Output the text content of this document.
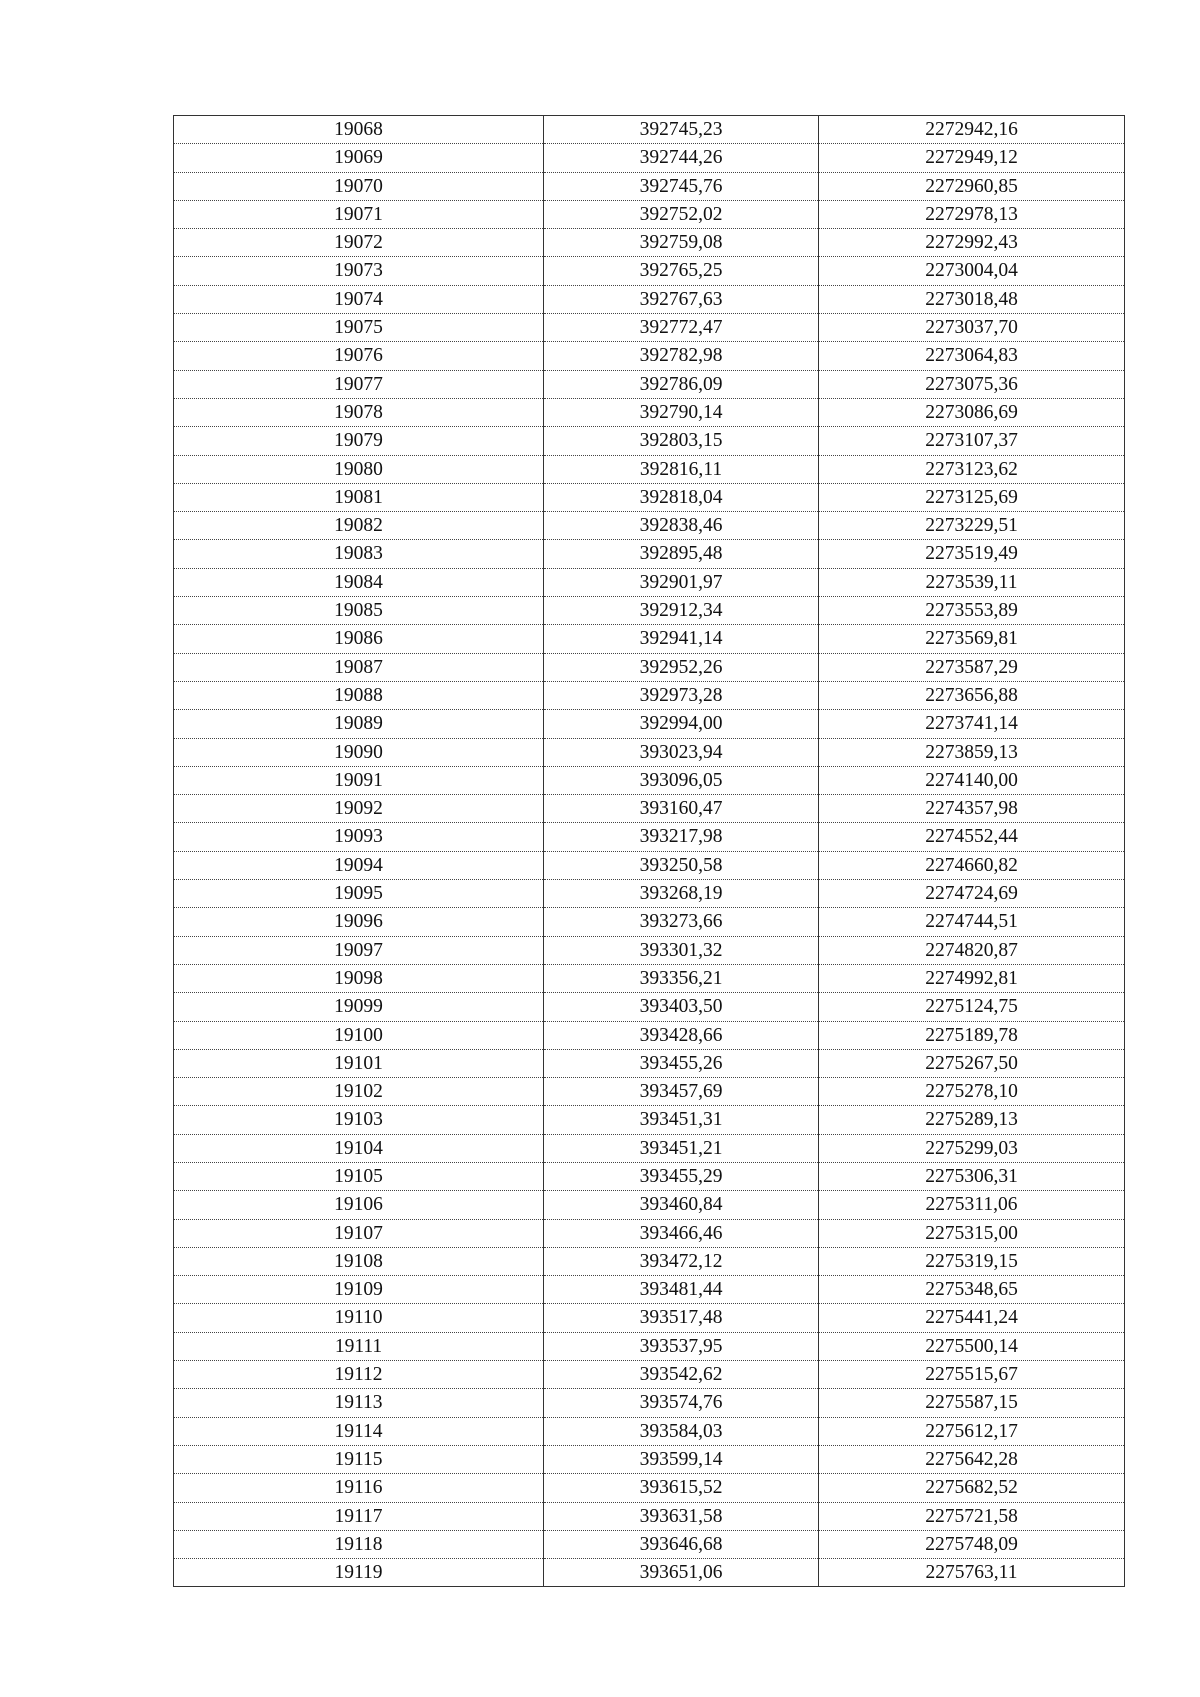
19068	392745,23	2272942,16
19069	392744,26	2272949,12
19070	392745,76	2272960,85
19071	392752,02	2272978,13
19072	392759,08	2272992,43
19073	392765,25	2273004,04
19074	392767,63	2273018,48
19075	392772,47	2273037,70
19076	392782,98	2273064,83
19077	392786,09	2273075,36
19078	392790,14	2273086,69
19079	392803,15	2273107,37
19080	392816,11	2273123,62
19081	392818,04	2273125,69
19082	392838,46	2273229,51
19083	392895,48	2273519,49
19084	392901,97	2273539,11
19085	392912,34	2273553,89
19086	392941,14	2273569,81
19087	392952,26	2273587,29
19088	392973,28	2273656,88
19089	392994,00	2273741,14
19090	393023,94	2273859,13
19091	393096,05	2274140,00
19092	393160,47	2274357,98
19093	393217,98	2274552,44
19094	393250,58	2274660,82
19095	393268,19	2274724,69
19096	393273,66	2274744,51
19097	393301,32	2274820,87
19098	393356,21	2274992,81
19099	393403,50	2275124,75
19100	393428,66	2275189,78
19101	393455,26	2275267,50
19102	393457,69	2275278,10
19103	393451,31	2275289,13
19104	393451,21	2275299,03
19105	393455,29	2275306,31
19106	393460,84	2275311,06
19107	393466,46	2275315,00
19108	393472,12	2275319,15
19109	393481,44	2275348,65
19110	393517,48	2275441,24
19111	393537,95	2275500,14
19112	393542,62	2275515,67
19113	393574,76	2275587,15
19114	393584,03	2275612,17
19115	393599,14	2275642,28
19116	393615,52	2275682,52
19117	393631,58	2275721,58
19118	393646,68	2275748,09
19119	393651,06	2275763,11
